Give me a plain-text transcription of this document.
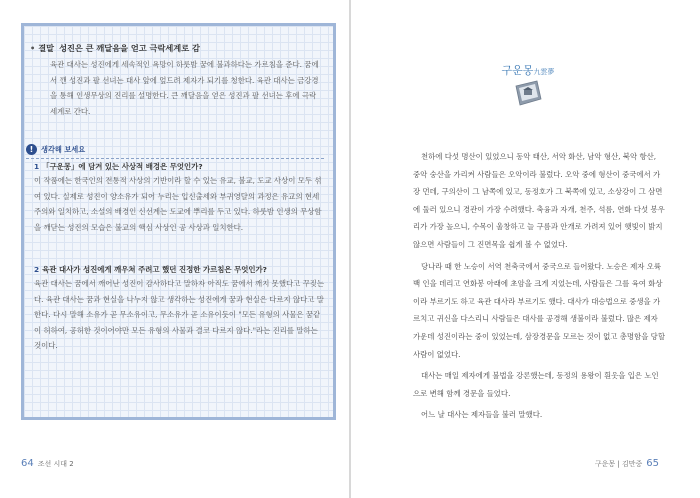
• 결말 성진은 큰 깨달음을 얻고 극락세계로 감

육관 대사는 성진에게 세속적인 욕망이 하룻밤 꿈에 불과하다는 가르침을 준다. 꿈에서 깬 성진과 팔 선녀는 대사 앞에 엎드려 제자가 되기를 청한다. 육관 대사는 금강경을 통해 인생무상의 진리를 설명한다. 큰 깨달음을 얻은 성진과 팔 선녀는 후에 극락세계로 간다.

!	생각해 보세요

1 「구운몽」에 담겨 있는 사상적 배경은 무엇인가?

이 작품에는 한국인의 전통적 사상의 기반이라 할 수 있는 유교, 불교, 도교 사상이 모두 섞여 있다. 실제로 성진이 양소유가 되어 누리는 입신출세와 부귀영달의 과정은 유교의 현세주의와 일치하고, 소설의 배경인 신선계는 도교에 뿌리를 두고 있다. 하룻밤 인생의 무상함을 깨닫는 성진의 모습은 불교의 핵심 사상인 공 사상과 일치한다.

2 육관 대사가 성진에게 깨우쳐 주려고 했던 진정한 가르침은 무엇인가?

육관 대사는 꿈에서 깨어난 성진이 감사하다고 말하자 아직도 꿈에서 깨지 못했다고 꾸짖는다. 육관 대사는 꿈과 현실을 나누지 않고 생각하는 성진에게 꿈과 현실은 다르지 않다고 말한다. 다시 말해 소유가 곧 무소유이고, 무소유가 곧 소유이듯이 "모든 유형의 사물은 꿈같이 허하여, 공허한 것이어야만 모든 유형의 사물과 결코 다르지 않다."라는 진리를 말하는 것이다.

64 조선 시대 2
구운몽九雲夢

천하에 다섯 명산이 있었으니 동악 태산, 서악 화산, 남악 형산, 북악 항산, 중악 숭산을 가리켜 사람들은 오악이라 불렀다. 오악 중에 형산이 중국에서 가장 먼데, 구의산이 그 남쪽에 있고, 동정호가 그 북쪽에 있고, 소상강이 그 삼면에 둘러 있으니 경관이 가장 수려했다. 축융과 자개, 천주, 석름, 연화 다섯 봉우리가 가장 높으니, 수목이 울창하고 늘 구름과 안개로 가려져 있어 햇빛이 밝지 않으면 사람들이 그 진면목을 쉽게 볼 수 없었다.

당나라 때 한 노승이 서역 천축국에서 중국으로 들어왔다. 노승은 제자 오륙백 인을 데리고 연화봉 아래에 초암을 크게 지었는데, 사람들은 그를 육여 화상이라 부르기도 하고 육관 대사라 부르기도 했다. 대사가 대승법으로 중생을 가르치고 귀신을 다스리니 사람들은 대사를 공경해 생불이라 불렀다. 많은 제자 가운데 성진이라는 중이 있었는데, 삼장경문을 모르는 것이 없고 총명함을 당할 사람이 없었다.

대사는 매일 제자에게 불법을 강론했는데, 동정의 용왕이 흰옷을 입은 노인으로 변해 함께 경문을 들었다.

어느 날 대사는 제자들을 불러 말했다.

구운몽 | 김만중 65
